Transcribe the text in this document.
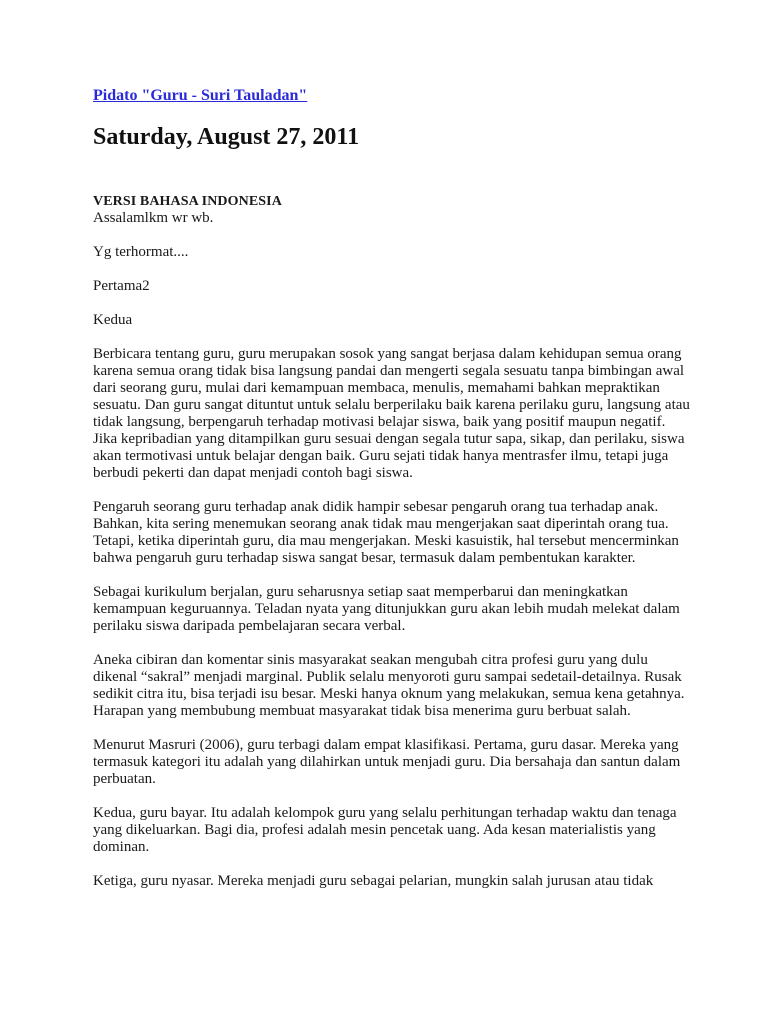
Pidato "Guru - Suri Tauladan"
Saturday, August 27, 2011
VERSI BAHASA INDONESIA

Assalamlkm wr wb.

Yg terhormat....

Pertama2

Kedua

Berbicara tentang guru, guru merupakan sosok yang sangat berjasa dalam kehidupan semua orang karena semua orang tidak bisa langsung pandai dan mengerti segala sesuatu tanpa bimbingan awal dari seorang guru, mulai dari kemampuan membaca, menulis, memahami bahkan mepraktikan sesuatu. Dan guru sangat dituntut untuk selalu berperilaku baik karena perilaku guru, langsung atau tidak langsung, berpengaruh terhadap motivasi belajar siswa, baik yang positif maupun negatif. Jika kepribadian yang ditampilkan guru sesuai dengan segala tutur sapa, sikap, dan perilaku, siswa akan termotivasi untuk belajar dengan baik. Guru sejati tidak hanya mentrasfer ilmu, tetapi juga berbudi pekerti dan dapat menjadi contoh bagi siswa.

Pengaruh seorang guru terhadap anak didik hampir sebesar pengaruh orang tua terhadap anak. Bahkan, kita sering menemukan seorang anak tidak mau mengerjakan saat diperintah orang tua. Tetapi, ketika diperintah guru, dia mau mengerjakan. Meski kasuistik, hal tersebut mencerminkan bahwa pengaruh guru terhadap siswa sangat besar, termasuk dalam pembentukan karakter.

Sebagai kurikulum berjalan, guru seharusnya setiap saat memperbarui dan meningkatkan kemampuan keguruannya. Teladan nyata yang ditunjukkan guru akan lebih mudah melekat dalam perilaku siswa daripada pembelajaran secara verbal.

Aneka cibiran dan komentar sinis masyarakat seakan mengubah citra profesi guru yang dulu dikenal “sakral” menjadi marginal. Publik selalu menyoroti guru sampai sedetail-detailnya. Rusak sedikit citra itu, bisa terjadi isu besar. Meski hanya oknum yang melakukan, semua kena getahnya. Harapan yang membubung membuat masyarakat tidak bisa menerima guru berbuat salah.

Menurut Masruri (2006), guru terbagi dalam empat klasifikasi. Pertama, guru dasar. Mereka yang termasuk kategori itu adalah yang dilahirkan untuk menjadi guru. Dia bersahaja dan santun dalam perbuatan.

Kedua, guru bayar. Itu adalah kelompok guru yang selalu perhitungan terhadap waktu dan tenaga yang dikeluarkan. Bagi dia, profesi adalah mesin pencetak uang. Ada kesan materialistis yang dominan.

Ketiga, guru nyasar. Mereka menjadi guru sebagai pelarian, mungkin salah jurusan atau tidak
